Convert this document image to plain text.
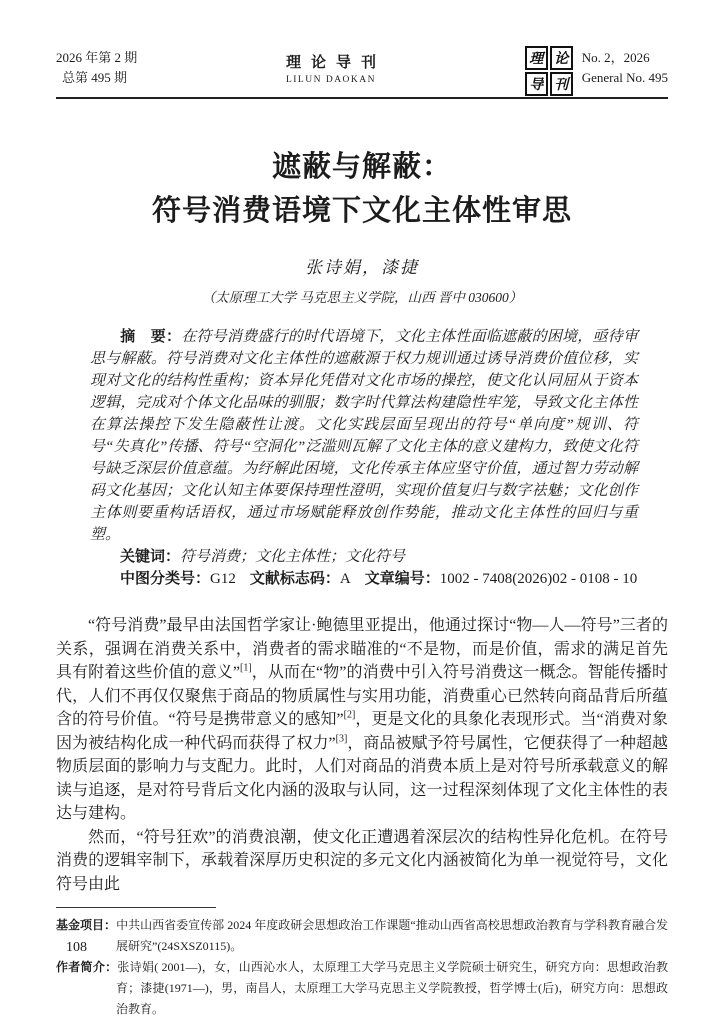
2026 年第 2 期
总第 495 期
理论导刊
LILUN DAOKAN
理 论
导 刊
No. 2，2026
General No. 495
遮蔽与解蔽：
符号消费语境下文化主体性审思
张诗娟，漆捷
（太原理工大学 马克思主义学院，山西 晋中 030600）

摘　要：在符号消费盛行的时代语境下，文化主体性面临遮蔽的困境，亟待审思与解蔽。符号消费对文化主体性的遮蔽源于权力规训通过诱导消费价值位移，实现对文化的结构性重构；资本异化凭借对文化市场的操控，使文化认同屈从于资本逻辑，完成对个体文化品味的驯服；数字时代算法构建隐性牢笼，导致文化主体性在算法操控下发生隐蔽性让渡。文化实践层面呈现出的符号“单向度”规训、符号“失真化”传播、符号“空洞化”泛滥则瓦解了文化主体的意义建构力，致使文化符号缺乏深层价值意蕴。为纾解此困境，文化传承主体应坚守价值，通过智力劳动解码文化基因；文化认知主体要保持理性澄明，实现价值复归与数字祛魅；文化创作主体则要重构话语权，通过市场赋能释放创作势能，推动文化主体性的回归与重塑。

关键词：符号消费；文化主体性；文化符号

中图分类号：G12 文献标志码：A 文章编号：1002 - 7408(2026)02 - 0108 - 10

“符号消费”最早由法国哲学家让·鲍德里亚提出，他通过探讨“物—人—符号”三者的关系，强调在消费关系中，消费者的需求瞄准的“不是物，而是价值，需求的满足首先具有附着这些价值的意义”[1]，从而在“物”的消费中引入符号消费这一概念。智能传播时代，人们不再仅仅聚焦于商品的物质属性与实用功能，消费重心已然转向商品背后所蕴含的符号价值。“符号是携带意义的感知”[2]，更是文化的具象化表现形式。当“消费对象因为被结构化成一种代码而获得了权力”[3]，商品被赋予符号属性，它便获得了一种超越物质层面的影响力与支配力。此时，人们对商品的消费本质上是对符号所承载意义的解读与追逐，是对符号背后文化内涵的汲取与认同，这一过程深刻体现了文化主体性的表达与建构。

然而，“符号狂欢”的消费浪潮，使文化正遭遇着深层次的结构性异化危机。在符号消费的逻辑宰制下，承载着深厚历史积淀的多元文化内涵被简化为单一视觉符号，文化符号由此

基金项目：中共山西省委宣传部 2024 年度政研会思想政治工作课题“推动山西省高校思想政治教育与学科教育融合发展研究”(24SXSZ0115)。

作者简介：张诗娟( 2001—)，女，山西沁水人，太原理工大学马克思主义学院硕士研究生，研究方向：思想政治教育；漆捷(1971—)，男，南昌人，太原理工大学马克思主义学院教授，哲学博士(后)，研究方向：思想政治教育。

108
